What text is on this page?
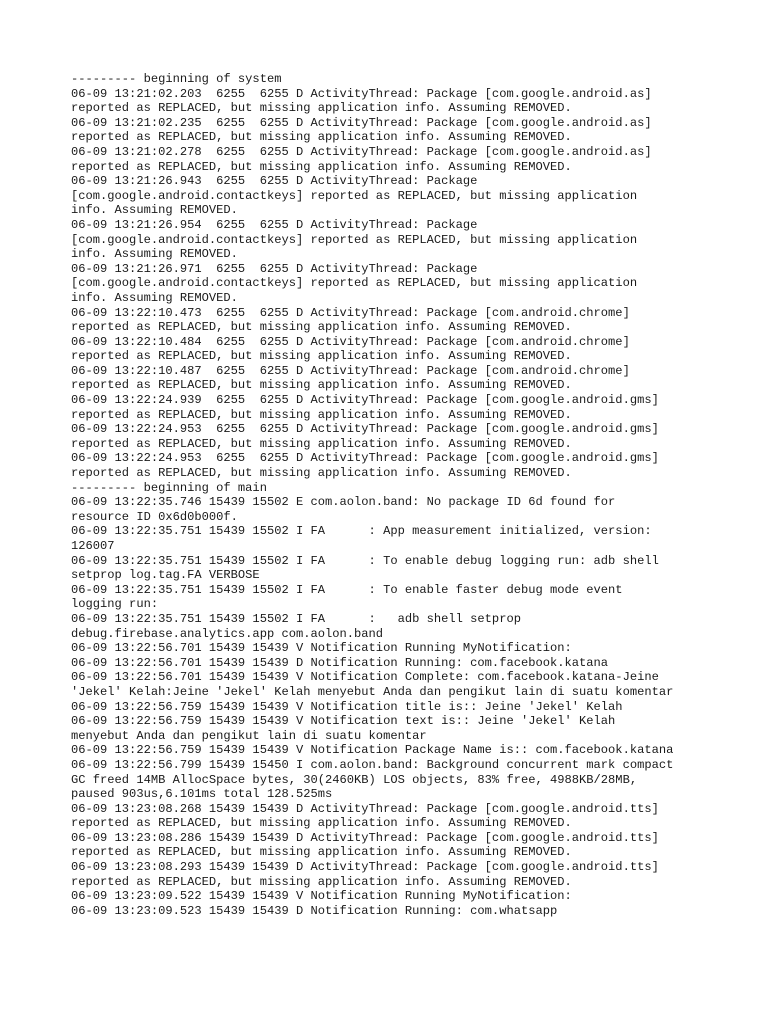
--------- beginning of system
06-09 13:21:02.203  6255  6255 D ActivityThread: Package [com.google.android.as]
reported as REPLACED, but missing application info. Assuming REMOVED.
06-09 13:21:02.235  6255  6255 D ActivityThread: Package [com.google.android.as]
reported as REPLACED, but missing application info. Assuming REMOVED.
06-09 13:21:02.278  6255  6255 D ActivityThread: Package [com.google.android.as]
reported as REPLACED, but missing application info. Assuming REMOVED.
06-09 13:21:26.943  6255  6255 D ActivityThread: Package
[com.google.android.contactkeys] reported as REPLACED, but missing application
info. Assuming REMOVED.
06-09 13:21:26.954  6255  6255 D ActivityThread: Package
[com.google.android.contactkeys] reported as REPLACED, but missing application
info. Assuming REMOVED.
06-09 13:21:26.971  6255  6255 D ActivityThread: Package
[com.google.android.contactkeys] reported as REPLACED, but missing application
info. Assuming REMOVED.
06-09 13:22:10.473  6255  6255 D ActivityThread: Package [com.android.chrome]
reported as REPLACED, but missing application info. Assuming REMOVED.
06-09 13:22:10.484  6255  6255 D ActivityThread: Package [com.android.chrome]
reported as REPLACED, but missing application info. Assuming REMOVED.
06-09 13:22:10.487  6255  6255 D ActivityThread: Package [com.android.chrome]
reported as REPLACED, but missing application info. Assuming REMOVED.
06-09 13:22:24.939  6255  6255 D ActivityThread: Package [com.google.android.gms]
reported as REPLACED, but missing application info. Assuming REMOVED.
06-09 13:22:24.953  6255  6255 D ActivityThread: Package [com.google.android.gms]
reported as REPLACED, but missing application info. Assuming REMOVED.
06-09 13:22:24.953  6255  6255 D ActivityThread: Package [com.google.android.gms]
reported as REPLACED, but missing application info. Assuming REMOVED.
--------- beginning of main
06-09 13:22:35.746 15439 15502 E com.aolon.band: No package ID 6d found for
resource ID 0x6d0b000f.
06-09 13:22:35.751 15439 15502 I FA      : App measurement initialized, version:
126007
06-09 13:22:35.751 15439 15502 I FA      : To enable debug logging run: adb shell
setprop log.tag.FA VERBOSE
06-09 13:22:35.751 15439 15502 I FA      : To enable faster debug mode event
logging run:
06-09 13:22:35.751 15439 15502 I FA      :   adb shell setprop
debug.firebase.analytics.app com.aolon.band
06-09 13:22:56.701 15439 15439 V Notification Running MyNotification:
06-09 13:22:56.701 15439 15439 D Notification Running: com.facebook.katana
06-09 13:22:56.701 15439 15439 V Notification Complete: com.facebook.katana-Jeine
'Jekel' Kelah:Jeine 'Jekel' Kelah menyebut Anda dan pengikut lain di suatu komentar
06-09 13:22:56.759 15439 15439 V Notification title is:: Jeine 'Jekel' Kelah
06-09 13:22:56.759 15439 15439 V Notification text is:: Jeine 'Jekel' Kelah
menyebut Anda dan pengikut lain di suatu komentar
06-09 13:22:56.759 15439 15439 V Notification Package Name is:: com.facebook.katana
06-09 13:22:56.799 15439 15450 I com.aolon.band: Background concurrent mark compact
GC freed 14MB AllocSpace bytes, 30(2460KB) LOS objects, 83% free, 4988KB/28MB,
paused 903us,6.101ms total 128.525ms
06-09 13:23:08.268 15439 15439 D ActivityThread: Package [com.google.android.tts]
reported as REPLACED, but missing application info. Assuming REMOVED.
06-09 13:23:08.286 15439 15439 D ActivityThread: Package [com.google.android.tts]
reported as REPLACED, but missing application info. Assuming REMOVED.
06-09 13:23:08.293 15439 15439 D ActivityThread: Package [com.google.android.tts]
reported as REPLACED, but missing application info. Assuming REMOVED.
06-09 13:23:09.522 15439 15439 V Notification Running MyNotification:
06-09 13:23:09.523 15439 15439 D Notification Running: com.whatsapp
